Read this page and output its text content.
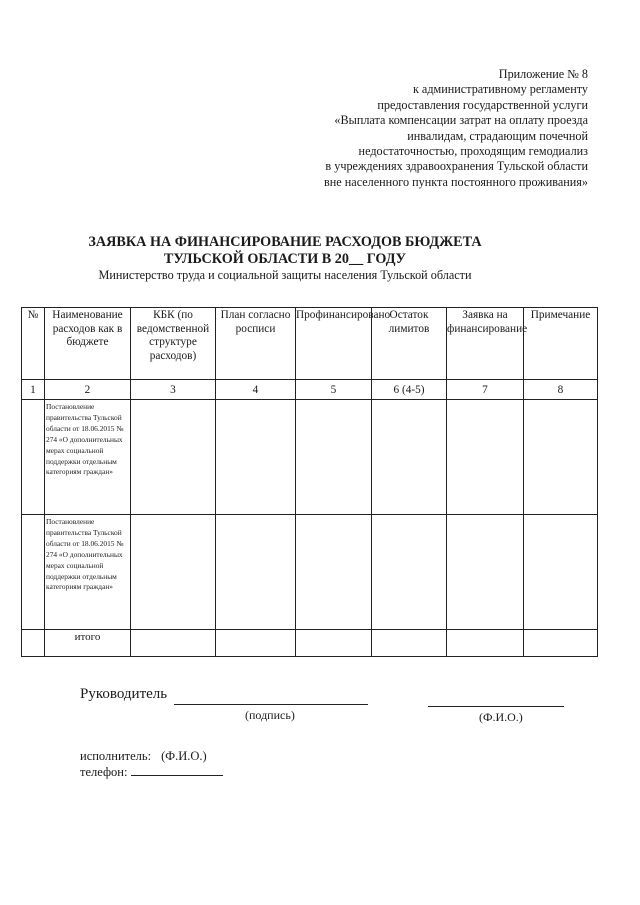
Приложение № 8
к административному регламенту
предоставления государственной услуги
«Выплата компенсации затрат на оплату проезда
инвалидам, страдающим почечной
недостаточностью, проходящим гемодиализ
в учреждениях здравоохранения Тульской области
вне населенного пункта постоянного проживания»
ЗАЯВКА НА ФИНАНСИРОВАНИЕ РАСХОДОВ БЮДЖЕТА
ТУЛЬСКОЙ ОБЛАСТИ В 20__ ГОДУ
Министерство труда и социальной защиты населения Тульской области
№	Наименование расходов как в бюджете	КБК (по ведомственной структуре расходов)	План согласно росписи	Профинансировано	Остаток лимитов	Заявка на финансирование	Примечание
1	2	3	4	5	6 (4-5)	7	8
	Постановление правительства Тульской области от 18.06.2015 № 274 «О дополнительных мерах социальной поддержки отдельным категориям граждан»						
	Постановление правительства Тульской области от 18.06.2015 № 274 «О дополнительных мерах социальной поддержки отдельным категориям граждан»						
	итого						
Руководитель
(подпись)	(Ф.И.О.)
исполнитель: (Ф.И.О.)
телефон:
